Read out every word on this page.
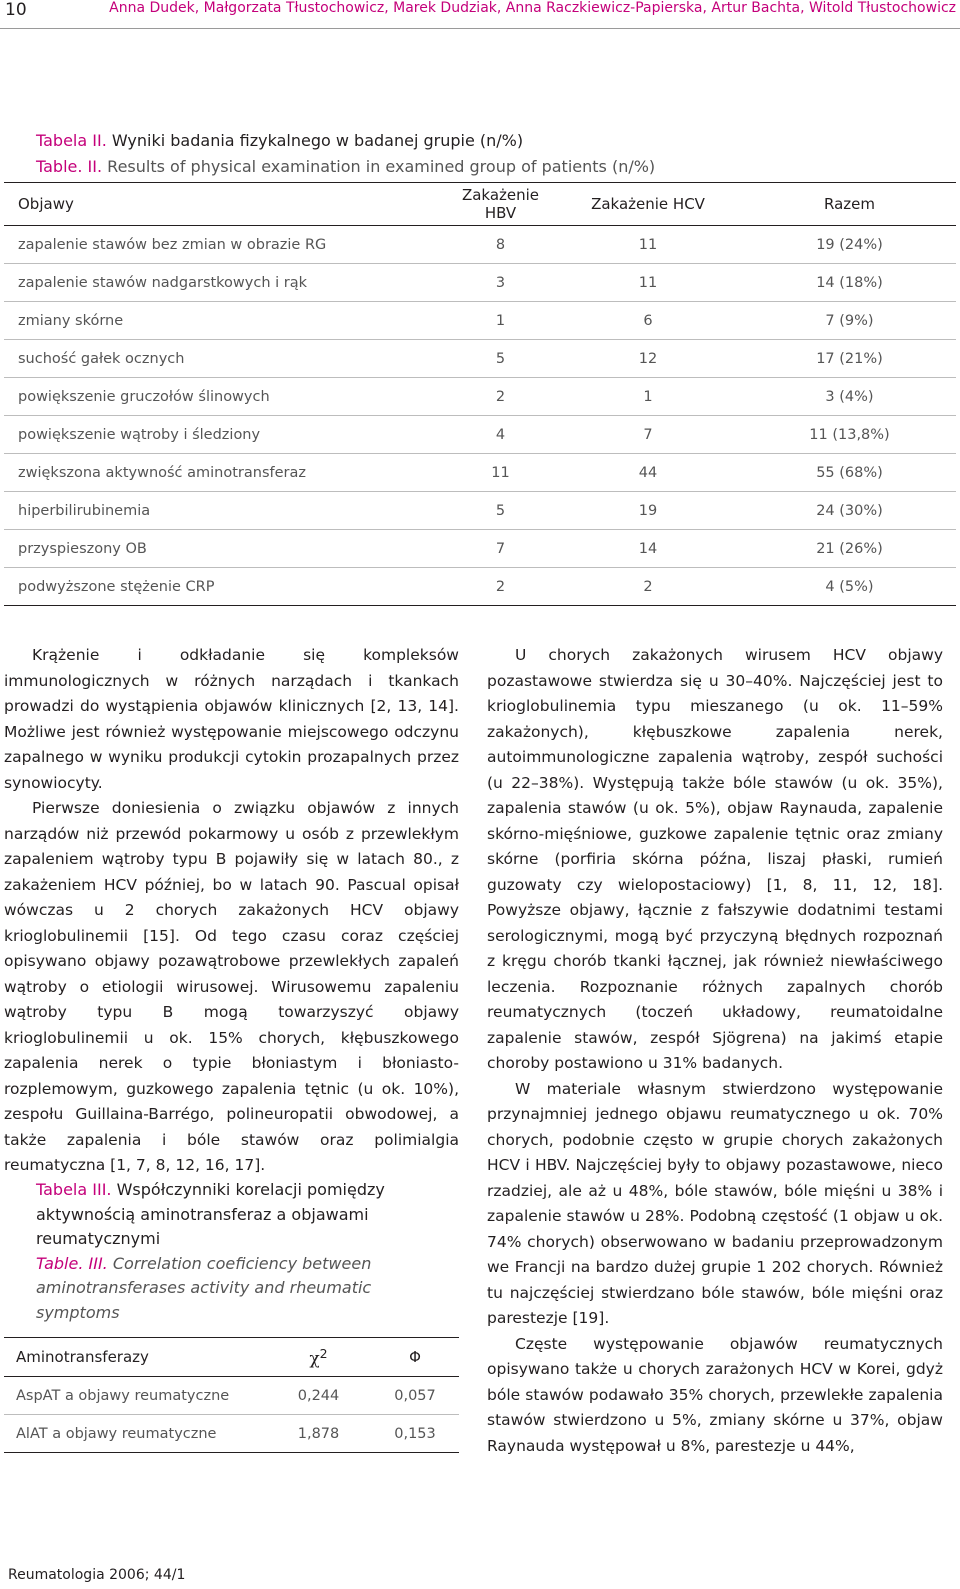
10	Anna Dudek, Małgorzata Tłustochowicz, Marek Dudziak, Anna Raczkiewicz-Papierska, Artur Bachta, Witold Tłustochowicz
Tabela II. Wyniki badania fizykalnego w badanej grupie (n/%)
Table. II. Results of physical examination in examined group of patients (n/%)
Objawy	Zakażenie HBV	Zakażenie HCV	Razem
zapalenie stawów bez zmian w obrazie RG	8	11	19 (24%)
zapalenie stawów nadgarstkowych i rąk	3	11	14 (18%)
zmiany skórne	1	6	7 (9%)
suchość gałek ocznych	5	12	17 (21%)
powiększenie gruczołów ślinowych	2	1	3 (4%)
powiększenie wątroby i śledziony	4	7	11 (13,8%)
zwiększona aktywność aminotransferaz	11	44	55 (68%)
hiperbilirubinemia	5	19	24 (30%)
przyspieszony OB	7	14	21 (26%)
podwyższone stężenie CRP	2	2	4 (5%)

Krążenie i odkładanie się kompleksów immunologicznych w różnych narządach i tkankach prowadzi do wystąpienia objawów klinicznych [2, 13, 14]. Możliwe jest również występowanie miejscowego odczynu zapalnego w wyniku produkcji cytokin prozapalnych przez synowiocyty.

Pierwsze doniesienia o związku objawów z innych narządów niż przewód pokarmowy u osób z przewlekłym zapaleniem wątroby typu B pojawiły się w latach 80., z zakażeniem HCV później, bo w latach 90. Pascual opisał wówczas u 2 chorych zakażonych HCV objawy krioglobulinemii [15]. Od tego czasu coraz częściej opisywano objawy pozawątrobowe przewlekłych zapaleń wątroby o etiologii wirusowej. Wirusowemu zapaleniu wątroby typu B mogą towarzyszyć objawy krioglobulinemii u ok. 15% chorych, kłębuszkowego zapalenia nerek o typie błoniastym i błoniasto-rozplemowym, guzkowego zapalenia tętnic (u ok. 10%), zespołu Guillaina-Barrégo, polineuropatii obwodowej, a także zapalenia i bóle stawów oraz polimialgia reumatyczna [1, 7, 8, 12, 16, 17].

Tabela III. Współczynniki korelacji pomiędzy aktywnością aminotransferaz a objawami reumatycznymi
Table. III. Correlation coeficiency between aminotransferases activity and rheumatic symptoms
Aminotransferazy	$\chi^2$	Φ
AspAT a objawy reumatyczne	0,244	0,057
AlAT a objawy reumatyczne	1,878	0,153

U chorych zakażonych wirusem HCV objawy pozastawowe stwierdza się u 30–40%. Najczęściej jest to krioglobulinemia typu mieszanego (u ok. 11–59% zakażonych), kłębuszkowe zapalenia nerek, autoimmunologiczne zapalenia wątroby, zespół suchości (u 22–38%). Występują także bóle stawów (u ok. 35%), zapalenia stawów (u ok. 5%), objaw Raynauda, zapalenie skórno-mięśniowe, guzkowe zapalenie tętnic oraz zmiany skórne (porfiria skórna późna, liszaj płaski, rumień guzowaty czy wielopostaciowy) [1, 8, 11, 12, 18]. Powyższe objawy, łącznie z fałszywie dodatnimi testami serologicznymi, mogą być przyczyną błędnych rozpoznań z kręgu chorób tkanki łącznej, jak również niewłaściwego leczenia. Rozpoznanie różnych zapalnych chorób reumatycznych (toczeń układowy, reumatoidalne zapalenie stawów, zespół Sjögrena) na jakimś etapie choroby postawiono u 31% badanych.

W materiale własnym stwierdzono występowanie przynajmniej jednego objawu reumatycznego u ok. 70% chorych, podobnie często w grupie chorych zakażonych HCV i HBV. Najczęściej były to objawy pozastawowe, nieco rzadziej, ale aż u 48%, bóle stawów, bóle mięśni u 38% i zapalenie stawów u 28%. Podobną częstość (1 objaw u ok. 74% chorych) obserwowano w badaniu przeprowadzonym we Francji na bardzo dużej grupie 1 202 chorych. Również tu najczęściej stwierdzano bóle stawów, bóle mięśni oraz parestezje [19].

Częste występowanie objawów reumatycznych opisywano także u chorych zarażonych HCV w Korei, gdyż bóle stawów podawało 35% chorych, przewlekłe zapalenia stawów stwierdzono u 5%, zmiany skórne u 37%, objaw Raynauda występował u 8%, parestezje u 44%,

Reumatologia 2006; 44/1
